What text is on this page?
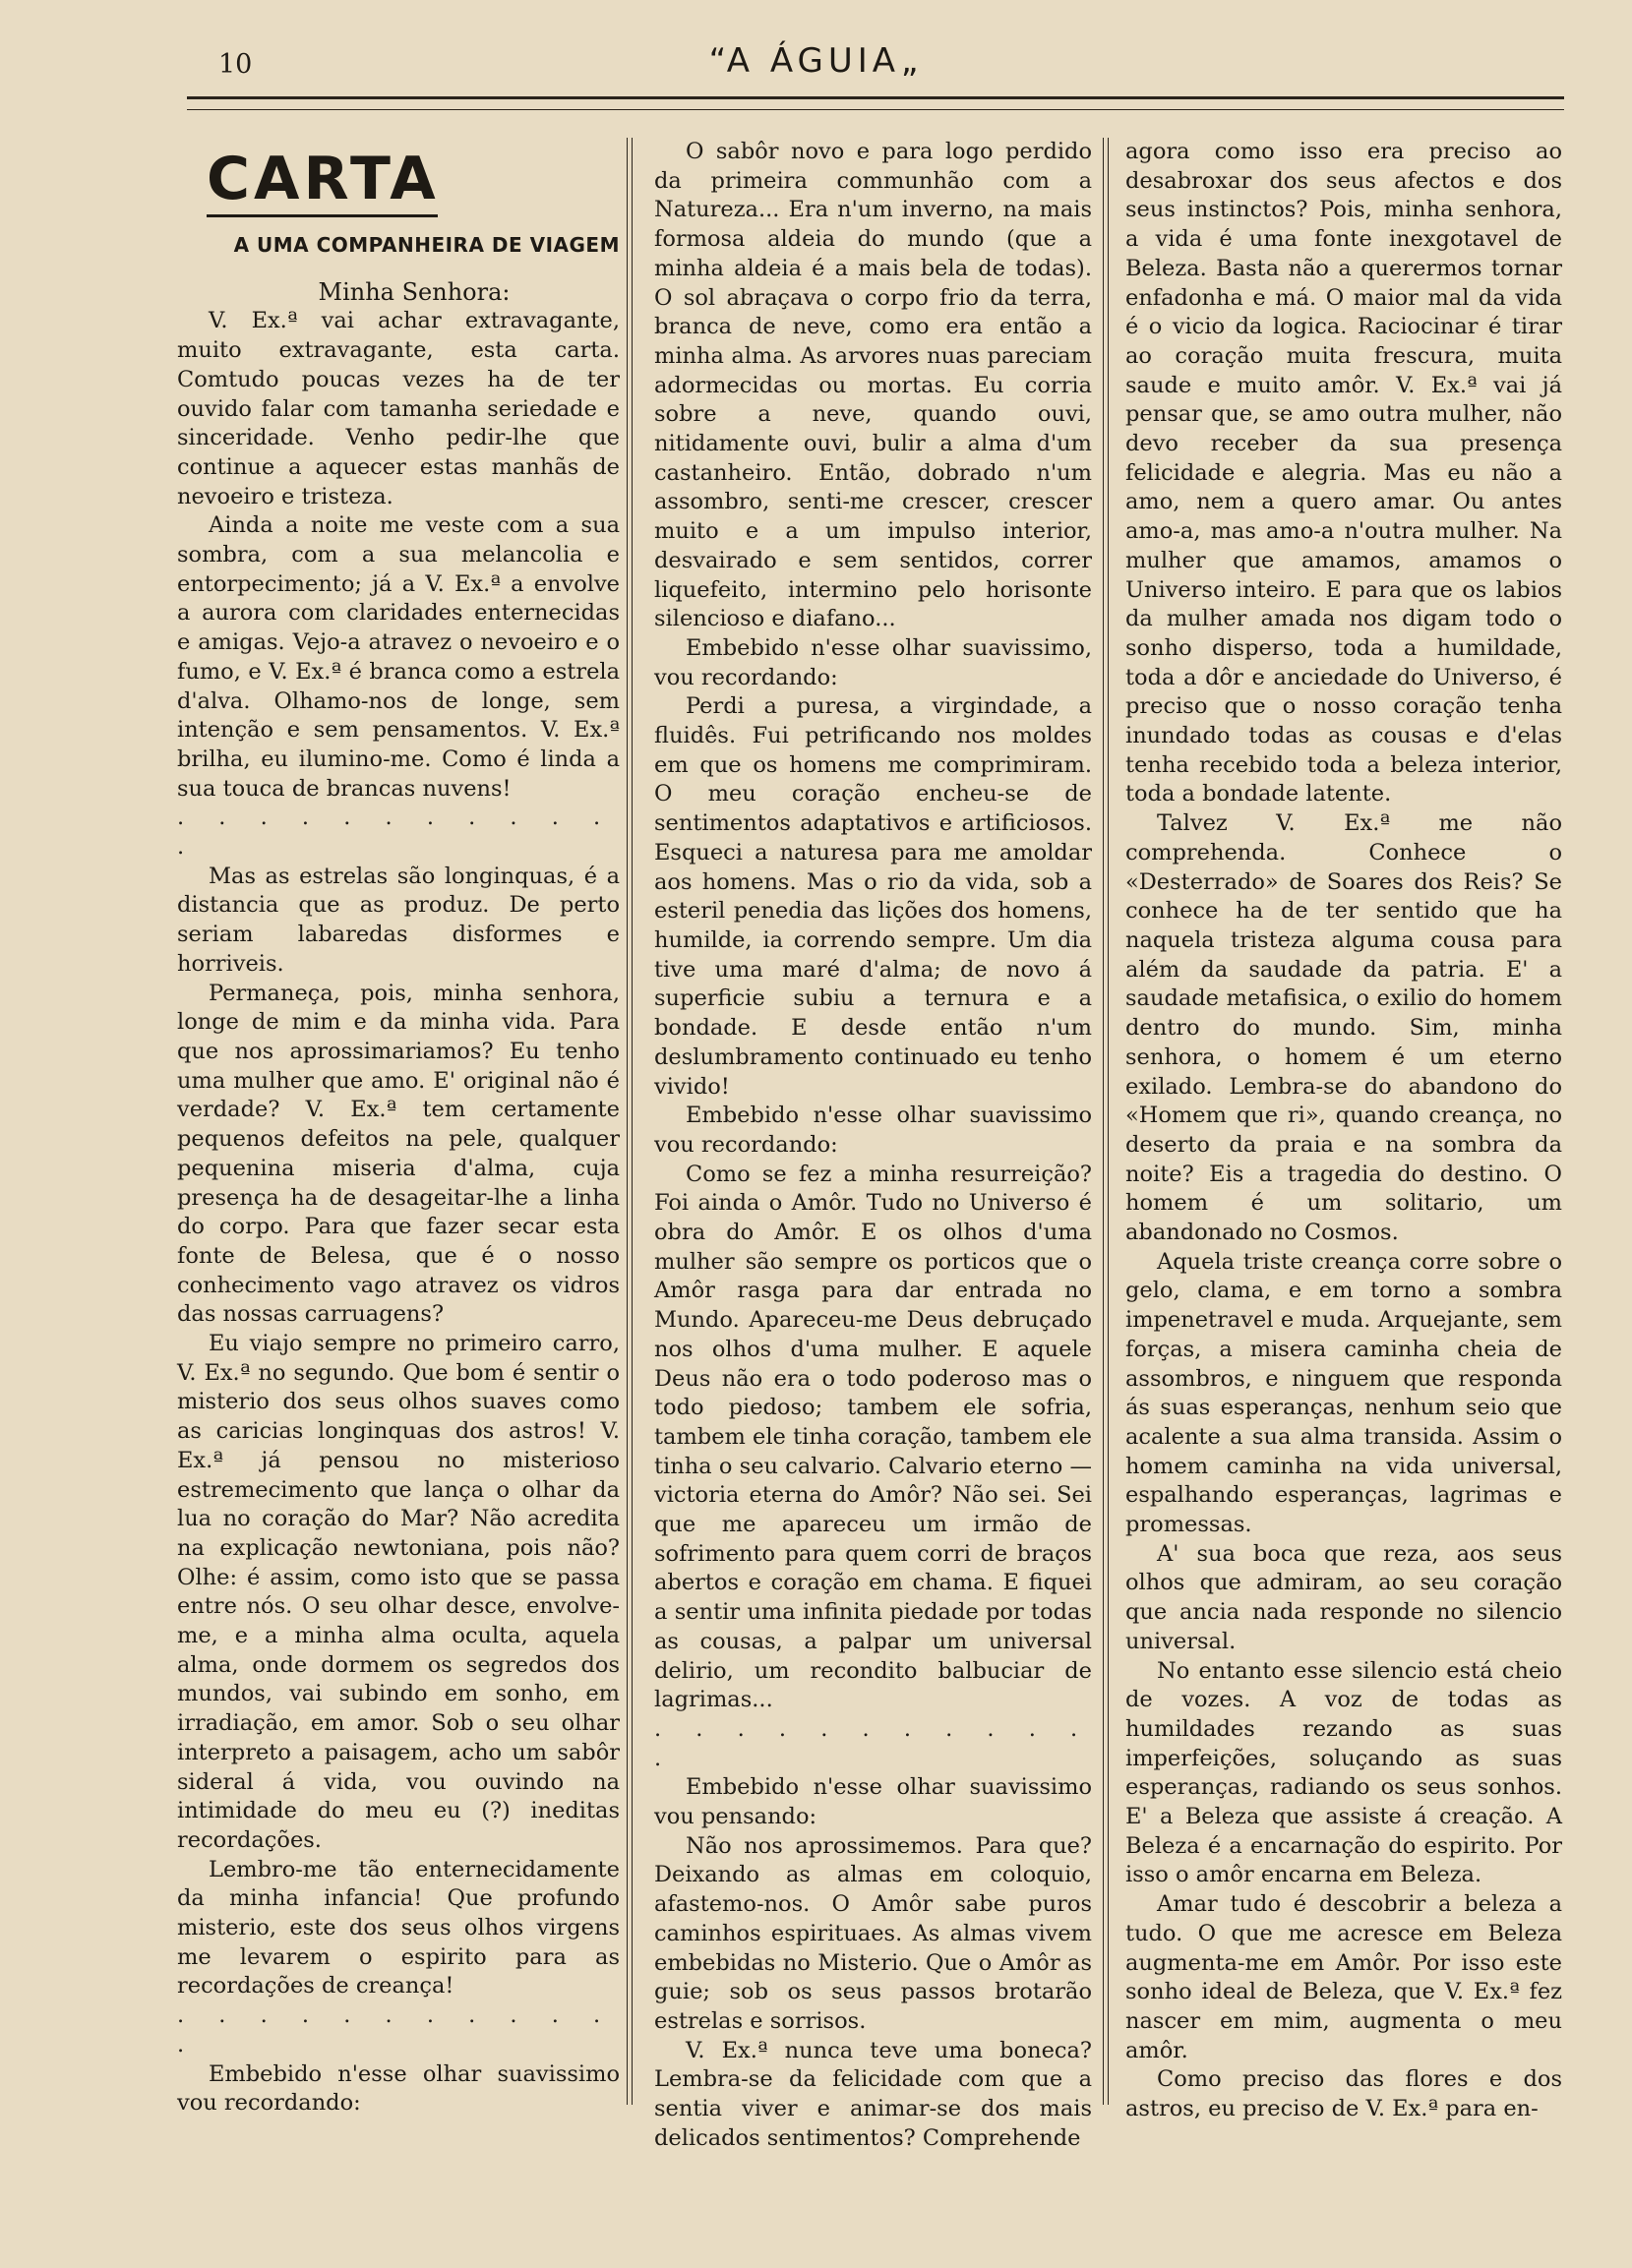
10	“A ÁGUIA„
CARTA
A UMA COMPANHEIRA DE VIAGEM

Minha Senhora:

V. Ex.ª vai achar extravagante, muito extravagante, esta carta. Comtudo poucas vezes ha de ter ouvido falar com tamanha seriedade e sinceridade. Venho pedir-lhe que continue a aquecer estas manhãs de nevoeiro e tristeza.

Ainda a noite me veste com a sua sombra, com a sua melancolia e entorpecimento; já a V. Ex.ª a envolve a aurora com claridades enternecidas e amigas. Vejo-a atravez o nevoeiro e o fumo, e V. Ex.ª é branca como a estrela d'alva. Olhamo-nos de longe, sem intenção e sem pensamentos. V. Ex.ª brilha, eu ilumino-me. Como é linda a sua touca de brancas nuvens!

. . . . . . . . . . . .

Mas as estrelas são longinquas, é a distancia que as produz. De perto seriam labaredas disformes e horriveis.

Permaneça, pois, minha senhora, longe de mim e da minha vida. Para que nos aprossimariamos? Eu tenho uma mulher que amo. E' original não é verdade? V. Ex.ª tem certamente pequenos defeitos na pele, qualquer pequenina miseria d'alma, cuja presença ha de desageitar-lhe a linha do corpo. Para que fazer secar esta fonte de Belesa, que é o nosso conhecimento vago atravez os vidros das nossas carruagens?

Eu viajo sempre no primeiro carro, V. Ex.ª no segundo. Que bom é sentir o misterio dos seus olhos suaves como as caricias longinquas dos astros! V. Ex.ª já pensou no misterioso estremecimento que lança o olhar da lua no coração do Mar? Não acredita na explicação newtoniana, pois não? Olhe: é assim, como isto que se passa entre nós. O seu olhar desce, envolve-me, e a minha alma oculta, aquela alma, onde dormem os segredos dos mundos, vai subindo em sonho, em irradiação, em amor. Sob o seu olhar interpreto a paisagem, acho um sabôr sideral á vida, vou ouvindo na intimidade do meu eu (?) ineditas recordações.

Lembro-me tão enternecidamente da minha infancia! Que profundo misterio, este dos seus olhos virgens me levarem o espirito para as recordações de creança!

. . . . . . . . . . . .

Embebido n'esse olhar suavissimo vou recordando:

O sabôr novo e para logo perdido da primeira communhão com a Natureza... Era n'um inverno, na mais formosa aldeia do mundo (que a minha aldeia é a mais bela de todas). O sol abraçava o corpo frio da terra, branca de neve, como era então a minha alma. As arvores nuas pareciam adormecidas ou mortas. Eu corria sobre a neve, quando ouvi, nitidamente ouvi, bulir a alma d'um castanheiro. Então, dobrado n'um assombro, senti-me crescer, crescer muito e a um impulso interior, desvairado e sem sentidos, correr liquefeito, intermino pelo horisonte silencioso e diafano...

Embebido n'esse olhar suavissimo, vou recordando:

Perdi a puresa, a virgindade, a fluidês. Fui petrificando nos moldes em que os homens me comprimiram. O meu coração encheu-se de sentimentos adaptativos e artificiosos. Esqueci a naturesa para me amoldar aos homens. Mas o rio da vida, sob a esteril penedia das lições dos homens, humilde, ia correndo sempre. Um dia tive uma maré d'alma; de novo á superficie subiu a ternura e a bondade. E desde então n'um deslumbramento continuado eu tenho vivido!

Embebido n'esse olhar suavissimo vou recordando:

Como se fez a minha resurreição? Foi ainda o Amôr. Tudo no Universo é obra do Amôr. E os olhos d'uma mulher são sempre os porticos que o Amôr rasga para dar entrada no Mundo. Apareceu-me Deus debruçado nos olhos d'uma mulher. E aquele Deus não era o todo poderoso mas o todo piedoso; tambem ele sofria, tambem ele tinha coração, tambem ele tinha o seu calvario. Calvario eterno —victoria eterna do Amôr? Não sei. Sei que me apareceu um irmão de sofrimento para quem corri de braços abertos e coração em chama. E fiquei a sentir uma infinita piedade por todas as cousas, a palpar um universal delirio, um recondito balbuciar de lagrimas...

. . . . . . . . . . . .

Embebido n'esse olhar suavissimo vou pensando:

Não nos aprossimemos. Para que? Deixando as almas em coloquio, afastemo-nos. O Amôr sabe puros caminhos espirituaes. As almas vivem embebidas no Misterio. Que o Amôr as guie; sob os seus passos brotarão estrelas e sorrisos.

V. Ex.ª nunca teve uma boneca? Lembra-se da felicidade com que a sentia viver e animar-se dos mais delicados sentimentos? Comprehende

agora como isso era preciso ao desabroxar dos seus afectos e dos seus instinctos? Pois, minha senhora, a vida é uma fonte inexgotavel de Beleza. Basta não a querermos tornar enfadonha e má. O maior mal da vida é o vicio da logica. Raciocinar é tirar ao coração muita frescura, muita saude e muito amôr. V. Ex.ª vai já pensar que, se amo outra mulher, não devo receber da sua presença felicidade e alegria. Mas eu não a amo, nem a quero amar. Ou antes amo-a, mas amo-a n'outra mulher. Na mulher que amamos, amamos o Universo inteiro. E para que os labios da mulher amada nos digam todo o sonho disperso, toda a humildade, toda a dôr e anciedade do Universo, é preciso que o nosso coração tenha inundado todas as cousas e d'elas tenha recebido toda a beleza interior, toda a bondade latente.

Talvez V. Ex.ª me não comprehenda. Conhece o «Desterrado» de Soares dos Reis? Se conhece ha de ter sentido que ha naquela tristeza alguma cousa para além da saudade da patria. E' a saudade metafisica, o exilio do homem dentro do mundo. Sim, minha senhora, o homem é um eterno exilado. Lembra-se do abandono do «Homem que ri», quando creança, no deserto da praia e na sombra da noite? Eis a tragedia do destino. O homem é um solitario, um abandonado no Cosmos.

Aquela triste creança corre sobre o gelo, clama, e em torno a sombra impenetravel e muda. Arquejante, sem forças, a misera caminha cheia de assombros, e ninguem que responda ás suas esperanças, nenhum seio que acalente a sua alma transida. Assim o homem caminha na vida universal, espalhando esperanças, lagrimas e promessas.

A' sua boca que reza, aos seus olhos que admiram, ao seu coração que ancia nada responde no silencio universal.

No entanto esse silencio está cheio de vozes. A voz de todas as humildades rezando as suas imperfeições, soluçando as suas esperanças, radiando os seus sonhos. E' a Beleza que assiste á creação. A Beleza é a encarnação do espirito. Por isso o amôr encarna em Beleza.

Amar tudo é descobrir a beleza a tudo. O que me acresce em Beleza augmenta-me em Amôr. Por isso este sonho ideal de Beleza, que V. Ex.ª fez nascer em mim, augmenta o meu amôr.

Como preciso das flores e dos astros, eu preciso de V. Ex.ª para en-
